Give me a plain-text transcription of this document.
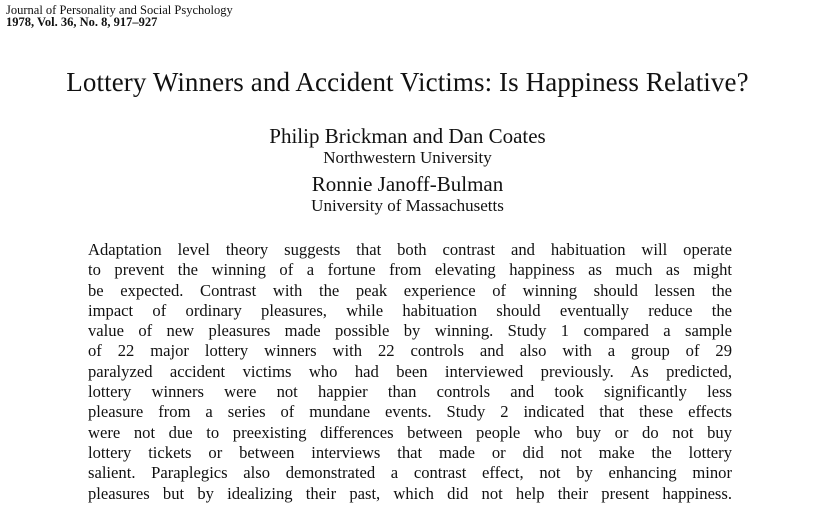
Journal of Personality and Social Psychology
1978, Vol. 36, No. 8, 917–927
Lottery Winners and Accident Victims: Is Happiness Relative?
Philip Brickman and Dan Coates
Northwestern University
Ronnie Janoff-Bulman
University of Massachusetts
Adaptation level theory suggests that both contrast and habituation will operate
to prevent the winning of a fortune from elevating happiness as much as might
be expected. Contrast with the peak experience of winning should lessen the
impact of ordinary pleasures, while habituation should eventually reduce the
value of new pleasures made possible by winning. Study 1 compared a sample
of 22 major lottery winners with 22 controls and also with a group of 29
paralyzed accident victims who had been interviewed previously. As predicted,
lottery winners were not happier than controls and took significantly less
pleasure from a series of mundane events. Study 2 indicated that these effects
were not due to preexisting differences between people who buy or do not buy
lottery tickets or between interviews that made or did not make the lottery
salient. Paraplegics also demonstrated a contrast effect, not by enhancing minor
pleasures but by idealizing their past, which did not help their present happiness.
